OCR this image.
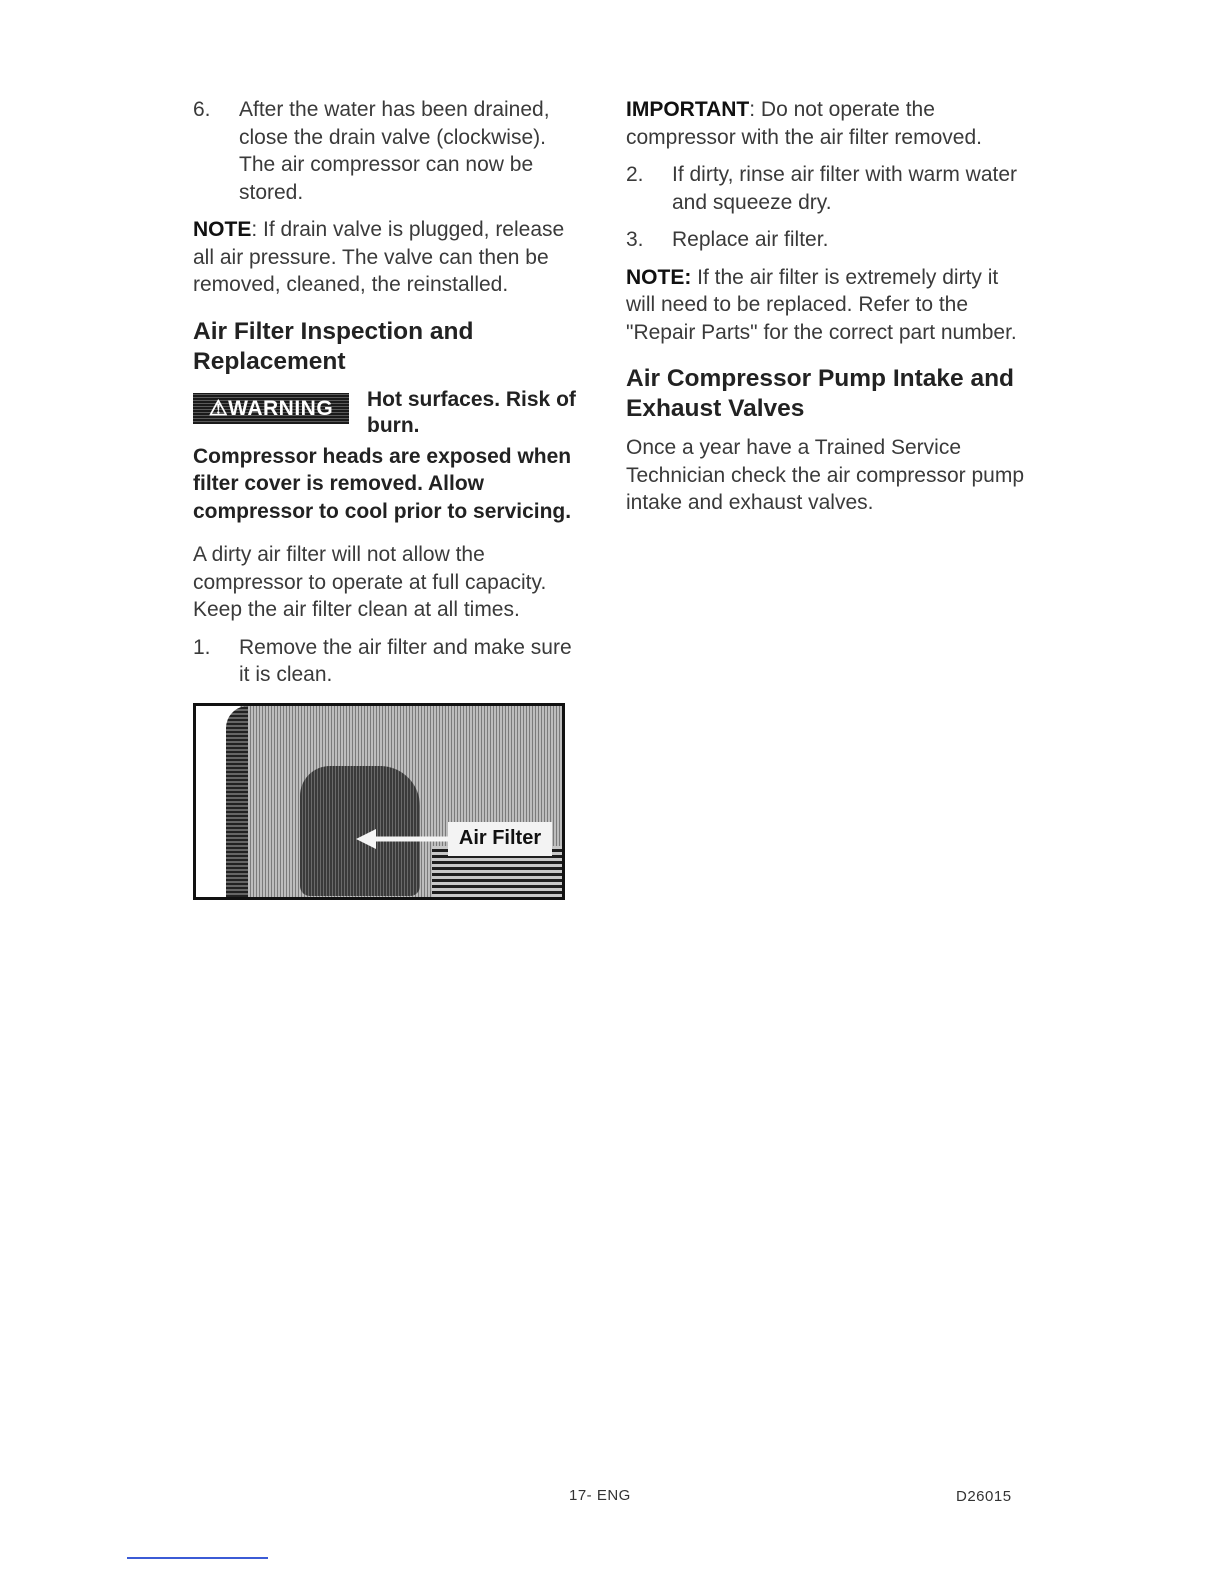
6.	After the water has been drained, close the drain valve (clockwise). The air compressor can now be stored.

NOTE: If drain valve is plugged, release all air pressure. The valve can then be removed, cleaned, the reinstalled.

Air Filter Inspection and Replacement
⚠WARNING	Hot surfaces. Risk of burn.
Compressor heads are exposed when filter cover is removed. Allow compressor to cool prior to servicing.

A dirty air filter will not allow the compressor to operate at full capacity. Keep the air filter clean at all times.

1.	Remove the air filter and make sure it is clean.
Air Filter

IMPORTANT: Do not operate the compressor with the air filter removed.

2.	If dirty, rinse air filter with warm water and squeeze dry.
3.	Replace air filter.

NOTE: If the air filter is extremely dirty it will need to be replaced. Refer to the "Repair Parts" for the correct part number.

Air Compressor Pump Intake and Exhaust Valves

Once a year have a Trained Service Technician check the air compressor pump intake and exhaust valves.

17- ENG	D26015
